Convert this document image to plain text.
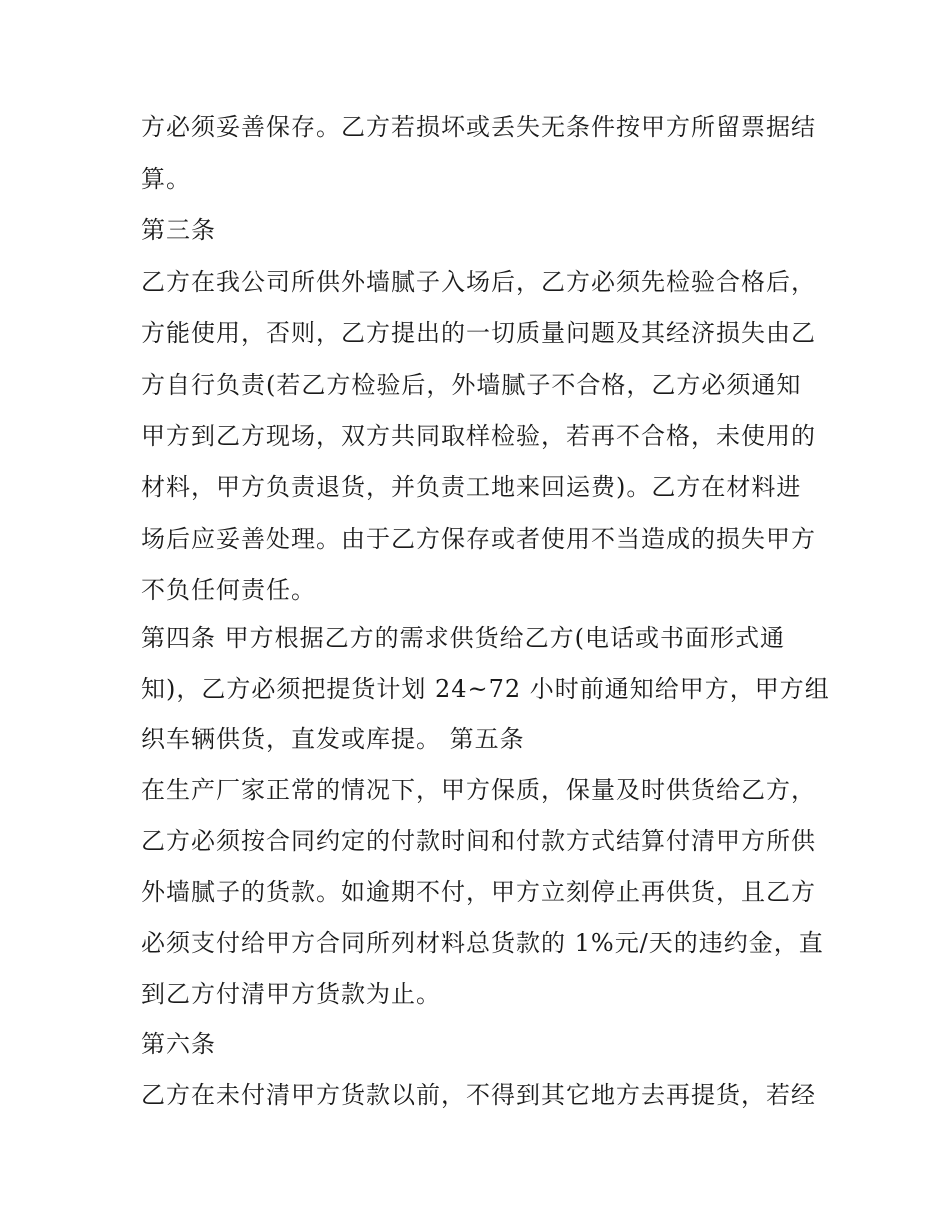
方必须妥善保存。乙方若损坏或丢失无条件按甲方所留票据结
算。
第三条
乙方在我公司所供外墙腻子入场后，乙方必须先检验合格后，
方能使用，否则，乙方提出的一切质量问题及其经济损失由乙
方自行负责(若乙方检验后，外墙腻子不合格，乙方必须通知
甲方到乙方现场，双方共同取样检验，若再不合格，未使用的
材料，甲方负责退货，并负责工地来回运费)。乙方在材料进
场后应妥善处理。由于乙方保存或者使用不当造成的损失甲方
不负任何责任。
第四条 甲方根据乙方的需求供货给乙方(电话或书面形式通
知)，乙方必须把提货计划 24~72 小时前通知给甲方，甲方组
织车辆供货，直发或库提。 第五条
在生产厂家正常的情况下，甲方保质，保量及时供货给乙方，
乙方必须按合同约定的付款时间和付款方式结算付清甲方所供
外墙腻子的货款。如逾期不付，甲方立刻停止再供货，且乙方
必须支付给甲方合同所列材料总货款的 1%元/天的违约金，直
到乙方付清甲方货款为止。
第六条
乙方在未付清甲方货款以前，不得到其它地方去再提货，若经
